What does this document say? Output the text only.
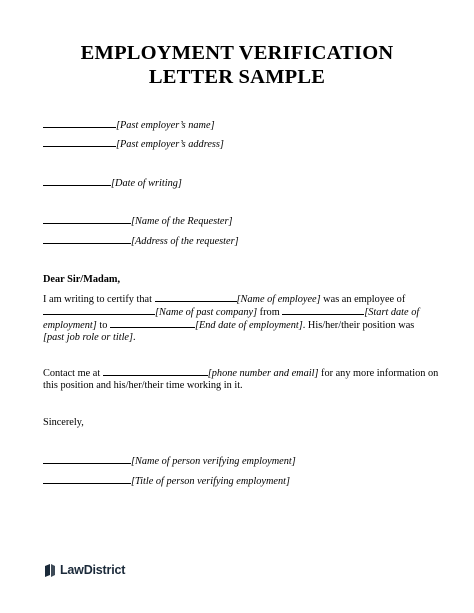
EMPLOYMENT VERIFICATION
LETTER SAMPLE
[Past employer’s name]
[Past employer’s address]
[Date of writing]
[Name of the Requester]
[Address of the requester]
Dear Sir/Madam,
I am writing to certify that	[Name of employee] was an employee of
[Name of past company] from	[Start date of
employment] to	[End date of employment]. His/her/their position was
[past job role or title].
Contact me at	[phone number and email] for any more information on
this position and his/her/their time working in it.
Sincerely,
[Name of person verifying employment]
[Title of person verifying employment]
LawDistrict
